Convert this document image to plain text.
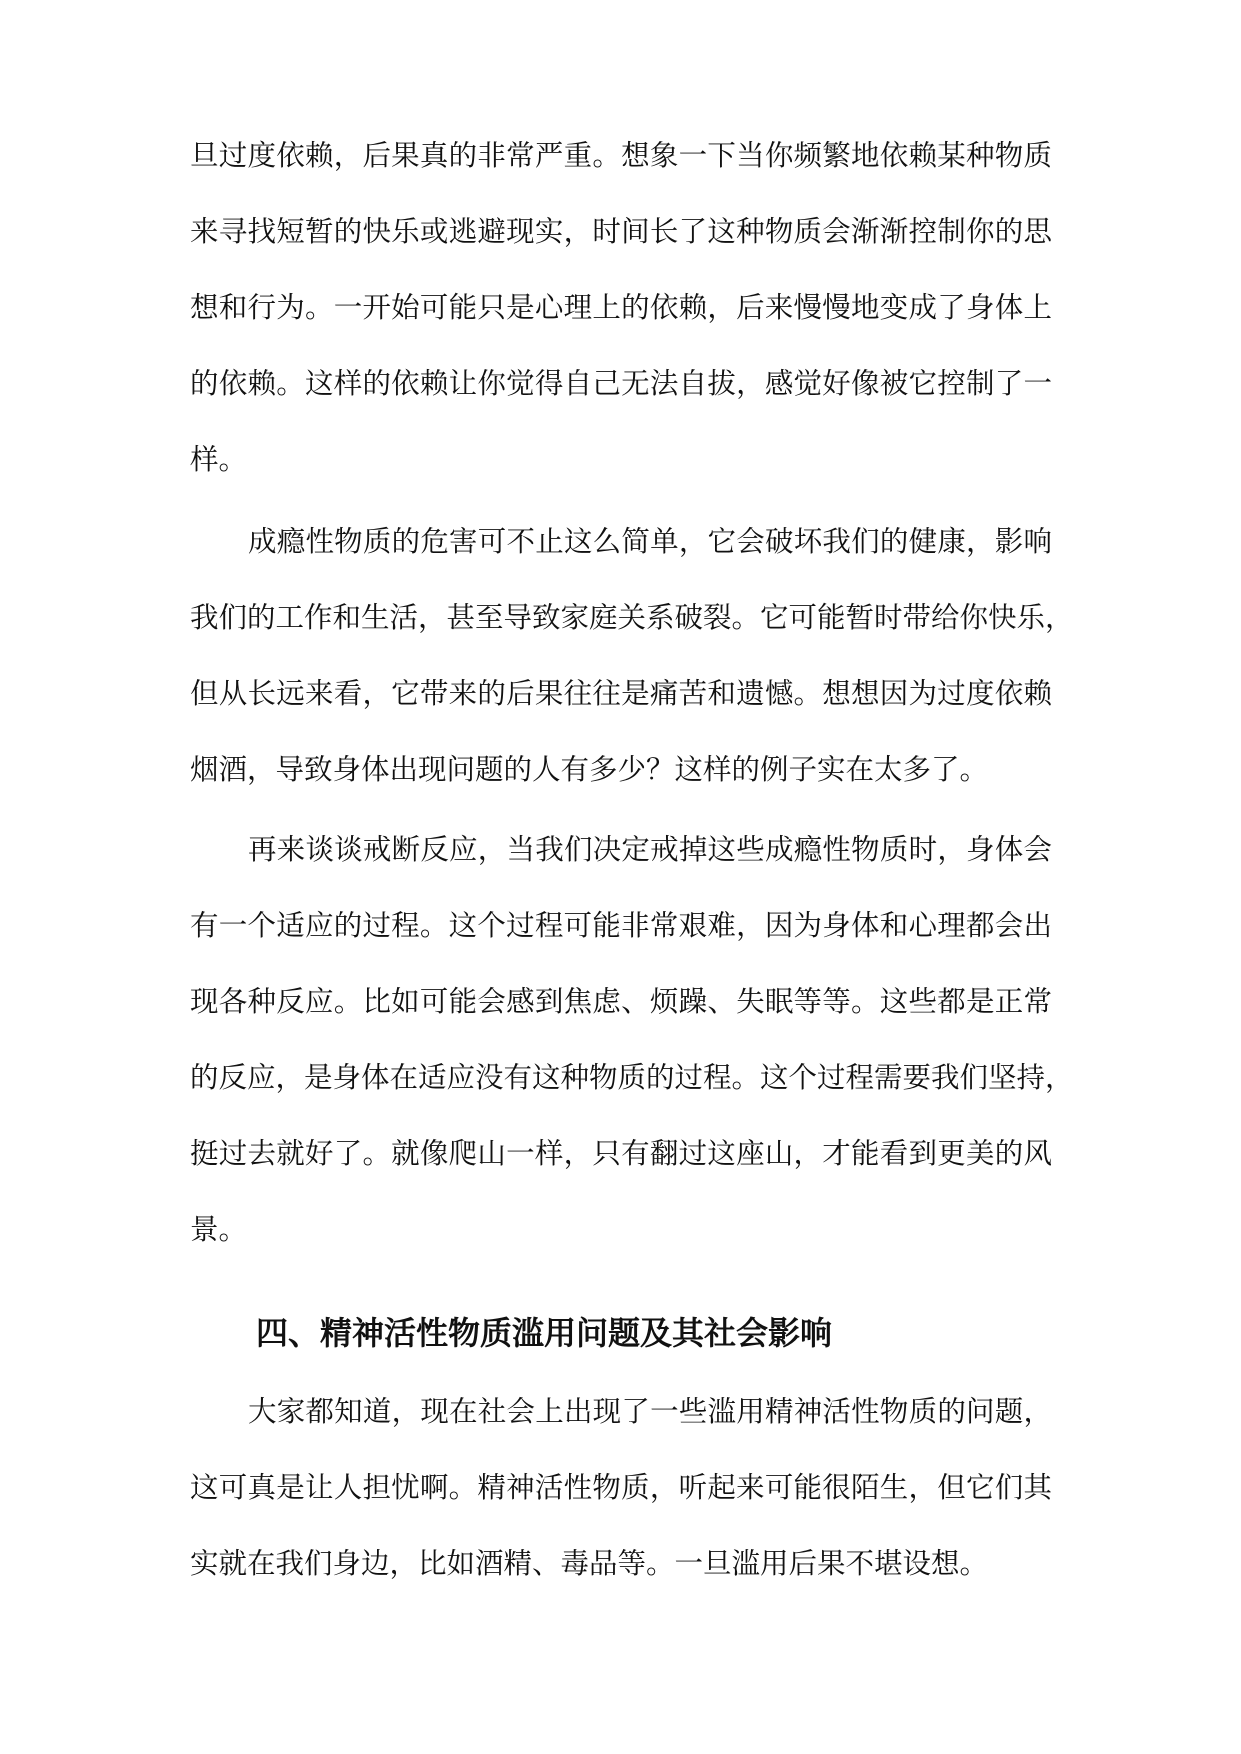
旦过度依赖，后果真的非常严重。想象一下当你频繁地依赖某种物质

来寻找短暂的快乐或逃避现实，时间长了这种物质会渐渐控制你的思

想和行为。一开始可能只是心理上的依赖，后来慢慢地变成了身体上

的依赖。这样的依赖让你觉得自己无法自拔，感觉好像被它控制了一

样。

成瘾性物质的危害可不止这么简单，它会破坏我们的健康，影响

我们的工作和生活，甚至导致家庭关系破裂。它可能暂时带给你快乐，

但从长远来看，它带来的后果往往是痛苦和遗憾。想想因为过度依赖

烟酒，导致身体出现问题的人有多少？这样的例子实在太多了。

再来谈谈戒断反应，当我们决定戒掉这些成瘾性物质时，身体会

有一个适应的过程。这个过程可能非常艰难，因为身体和心理都会出

现各种反应。比如可能会感到焦虑、烦躁、失眠等等。这些都是正常

的反应，是身体在适应没有这种物质的过程。这个过程需要我们坚持，

挺过去就好了。就像爬山一样，只有翻过这座山，才能看到更美的风

景。

四、精神活性物质滥用问题及其社会影响

大家都知道，现在社会上出现了一些滥用精神活性物质的问题，

这可真是让人担忧啊。精神活性物质，听起来可能很陌生，但它们其

实就在我们身边，比如酒精、毒品等。一旦滥用后果不堪设想。
